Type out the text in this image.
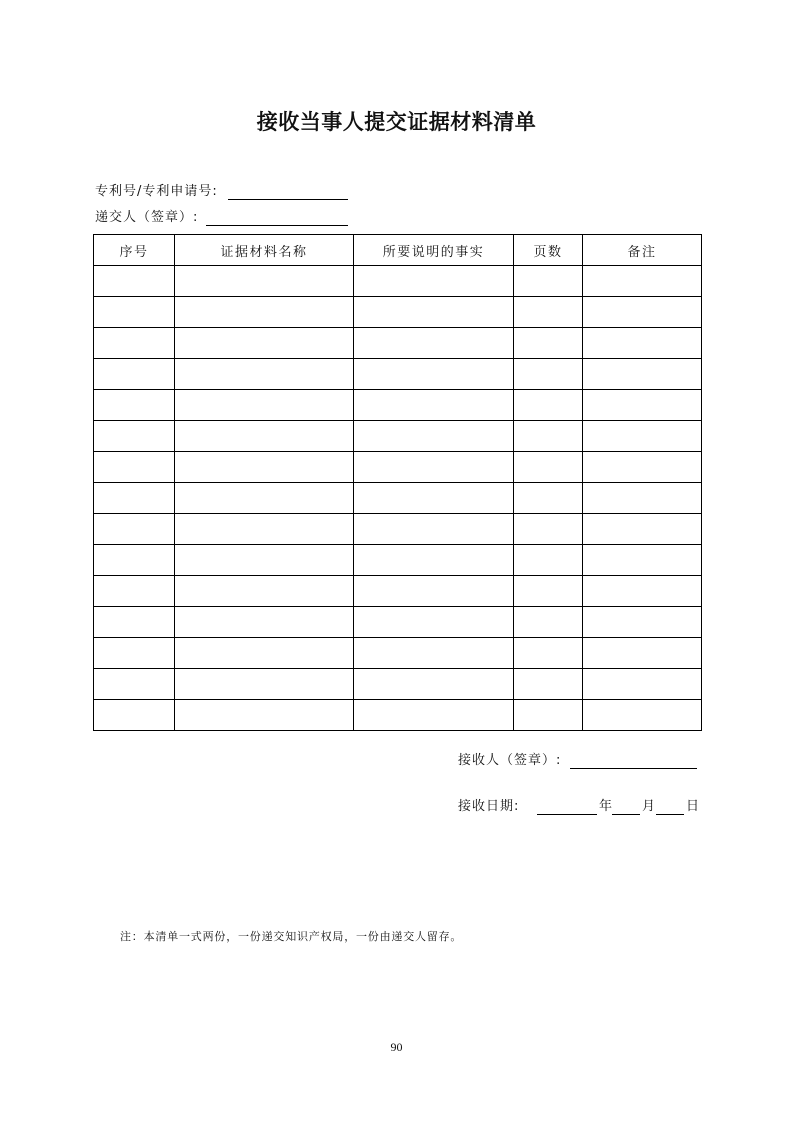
接收当事人提交证据材料清单
专利号/专利申请号:
递交人（签章）:
序号	证据材料名称	所要说明的事实	页数	备注

接收人（签章）:
接收日期:	年 月 日
注：本清单一式两份，一份递交知识产权局，一份由递交人留存。
90
